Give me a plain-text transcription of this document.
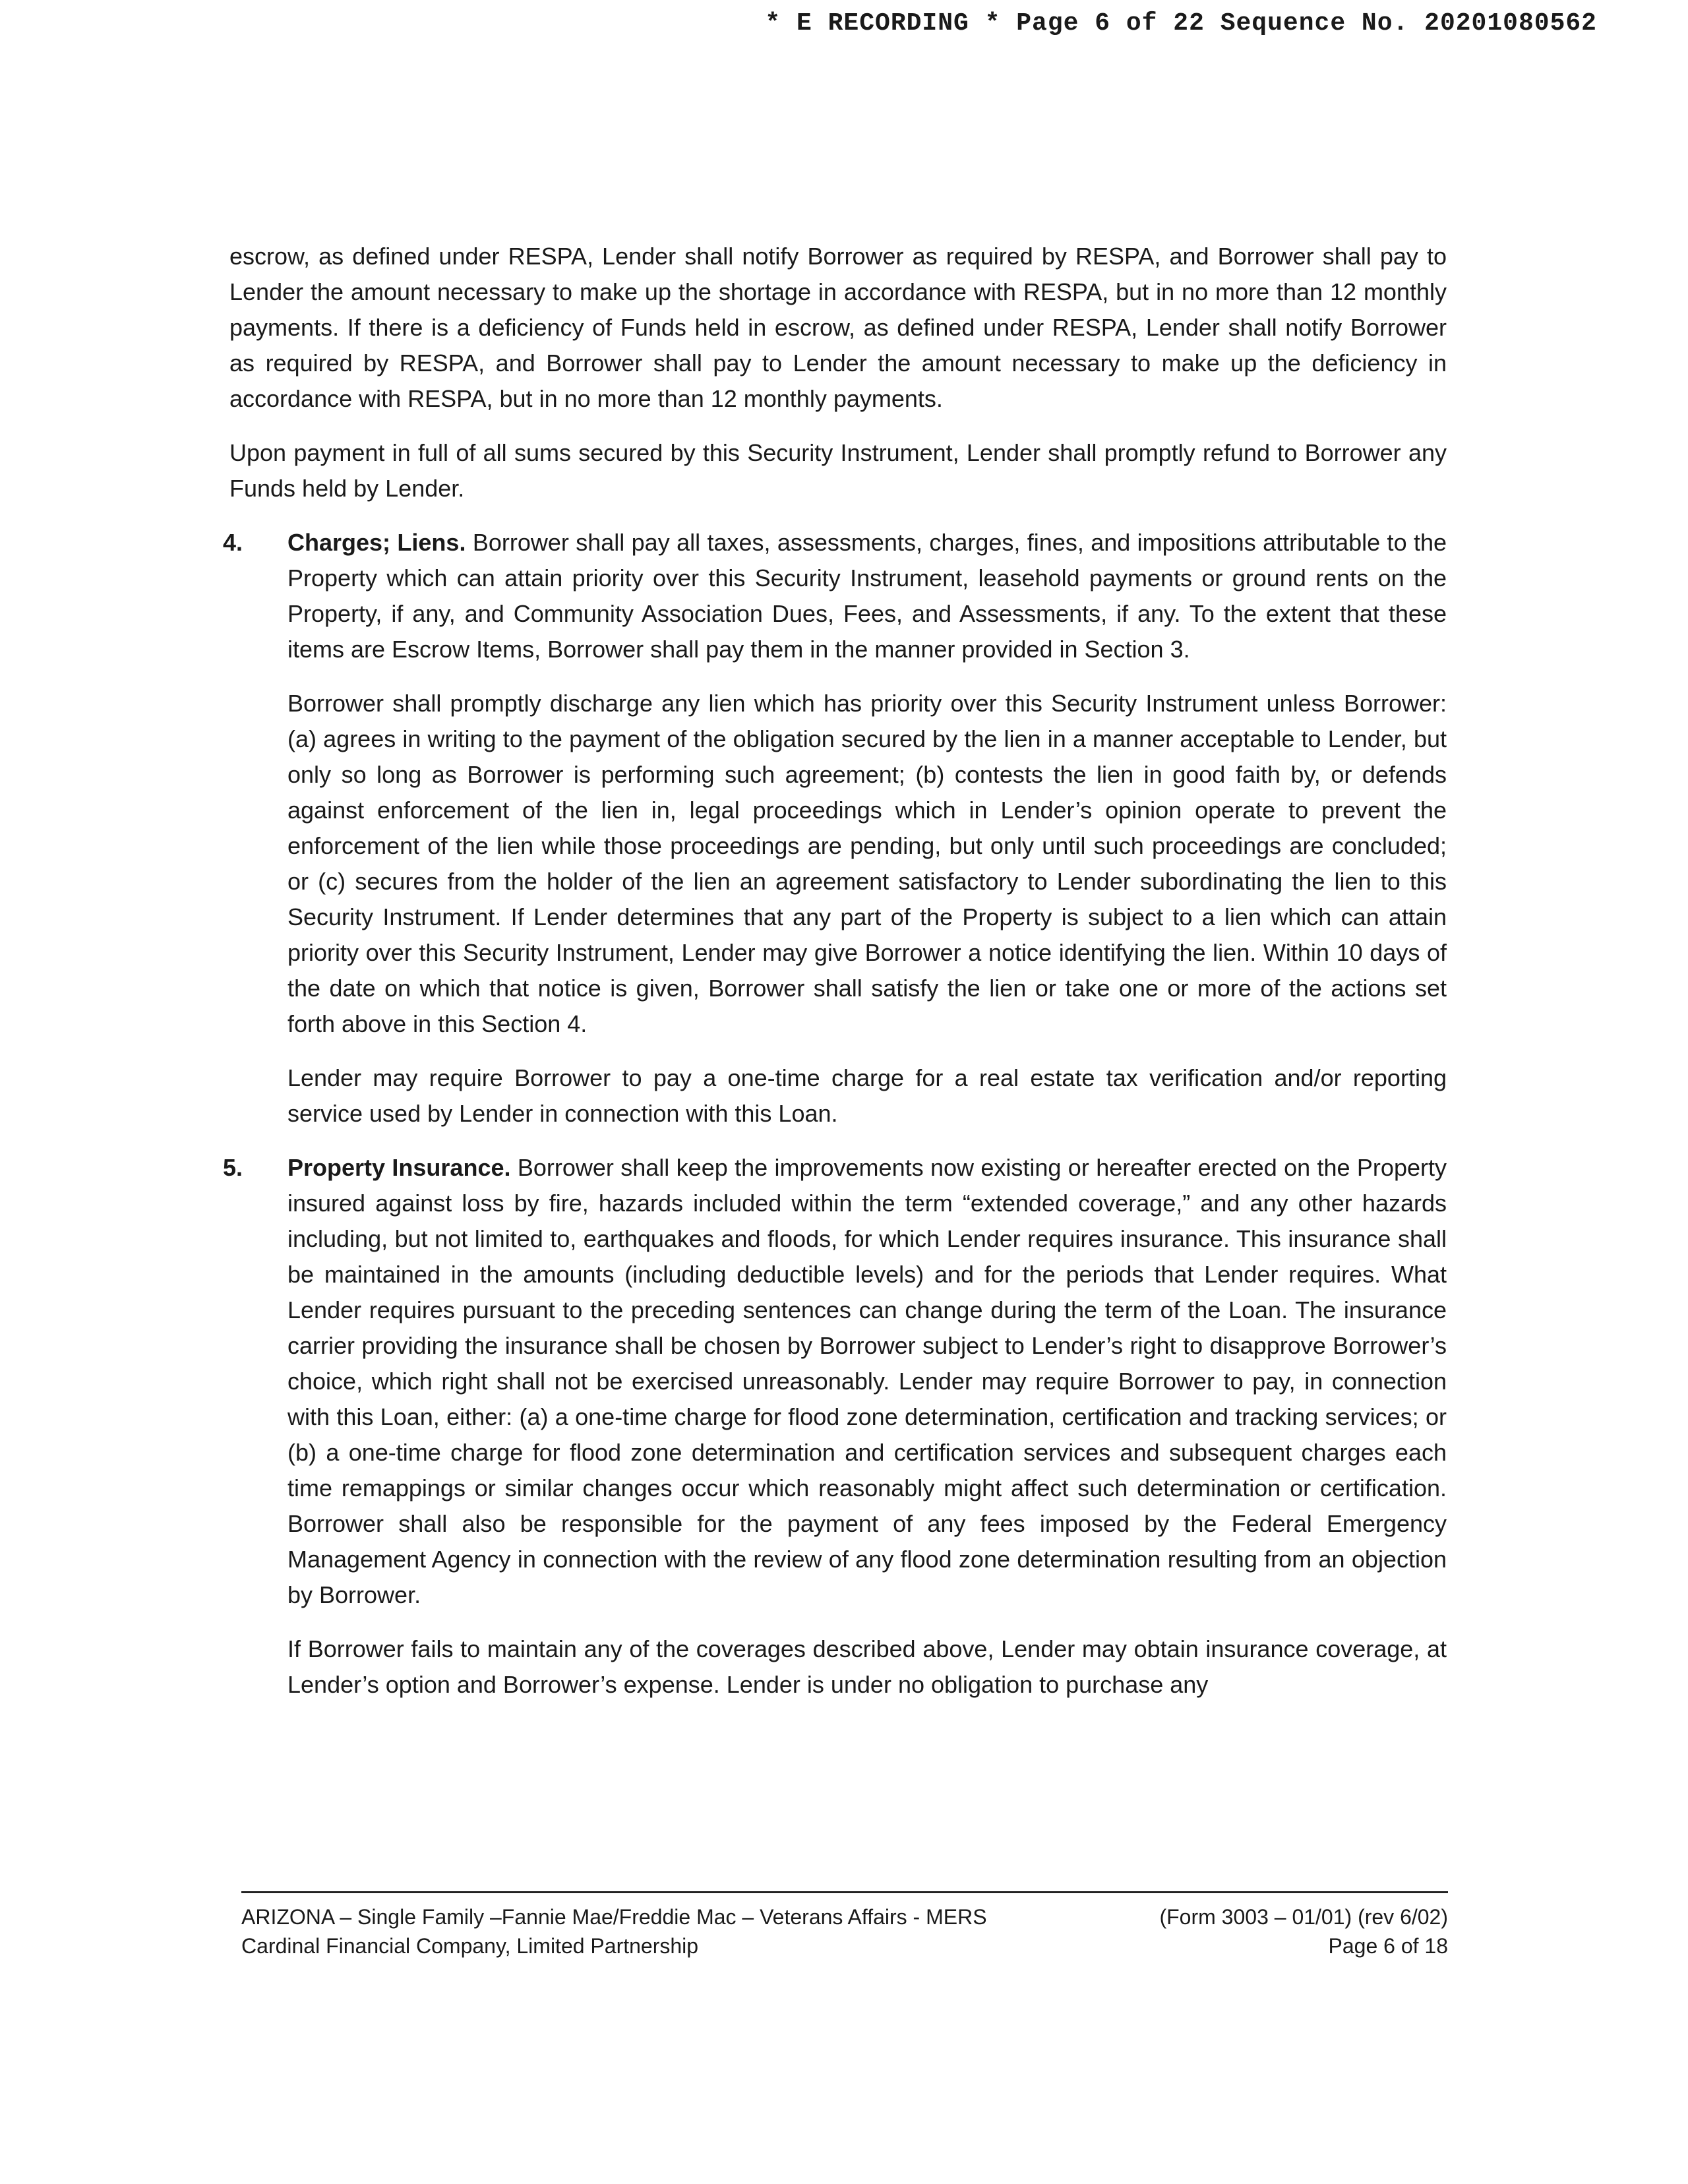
* E RECORDING * Page 6 of 22 Sequence No. 20201080562

escrow, as defined under RESPA, Lender shall notify Borrower as required by RESPA, and Borrower shall pay to Lender the amount necessary to make up the shortage in accordance with RESPA, but in no more than 12 monthly payments. If there is a deficiency of Funds held in escrow, as defined under RESPA, Lender shall notify Borrower as required by RESPA, and Borrower shall pay to Lender the amount necessary to make up the deficiency in accordance with RESPA, but in no more than 12 monthly payments.

Upon payment in full of all sums secured by this Security Instrument, Lender shall promptly refund to Borrower any Funds held by Lender.

4.	Charges; Liens. Borrower shall pay all taxes, assessments, charges, fines, and impositions attributable to the Property which can attain priority over this Security Instrument, leasehold payments or ground rents on the Property, if any, and Community Association Dues, Fees, and Assessments, if any. To the extent that these items are Escrow Items, Borrower shall pay them in the manner provided in Section 3.

Borrower shall promptly discharge any lien which has priority over this Security Instrument unless Borrower: (a) agrees in writing to the payment of the obligation secured by the lien in a manner acceptable to Lender, but only so long as Borrower is performing such agreement; (b) contests the lien in good faith by, or defends against enforcement of the lien in, legal proceedings which in Lender’s opinion operate to prevent the enforcement of the lien while those proceedings are pending, but only until such proceedings are concluded; or (c) secures from the holder of the lien an agreement satisfactory to Lender subordinating the lien to this Security Instrument. If Lender determines that any part of the Property is subject to a lien which can attain priority over this Security Instrument, Lender may give Borrower a notice identifying the lien. Within 10 days of the date on which that notice is given, Borrower shall satisfy the lien or take one or more of the actions set forth above in this Section 4.

Lender may require Borrower to pay a one-time charge for a real estate tax verification and/or reporting service used by Lender in connection with this Loan.

5.	Property Insurance. Borrower shall keep the improvements now existing or hereafter erected on the Property insured against loss by fire, hazards included within the term “extended coverage,” and any other hazards including, but not limited to, earthquakes and floods, for which Lender requires insurance. This insurance shall be maintained in the amounts (including deductible levels) and for the periods that Lender requires. What Lender requires pursuant to the preceding sentences can change during the term of the Loan. The insurance carrier providing the insurance shall be chosen by Borrower subject to Lender’s right to disapprove Borrower’s choice, which right shall not be exercised unreasonably. Lender may require Borrower to pay, in connection with this Loan, either: (a) a one-time charge for flood zone determination, certification and tracking services; or (b) a one-time charge for flood zone determination and certification services and subsequent charges each time remappings or similar changes occur which reasonably might affect such determination or certification. Borrower shall also be responsible for the payment of any fees imposed by the Federal Emergency Management Agency in connection with the review of any flood zone determination resulting from an objection by Borrower.

If Borrower fails to maintain any of the coverages described above, Lender may obtain insurance coverage, at Lender’s option and Borrower’s expense. Lender is under no obligation to purchase any

ARIZONA – Single Family –Fannie Mae/Freddie Mac – Veterans Affairs - MERS
Cardinal Financial Company, Limited Partnership
(Form 3003 – 01/01) (rev 6/02)
Page 6 of 18
